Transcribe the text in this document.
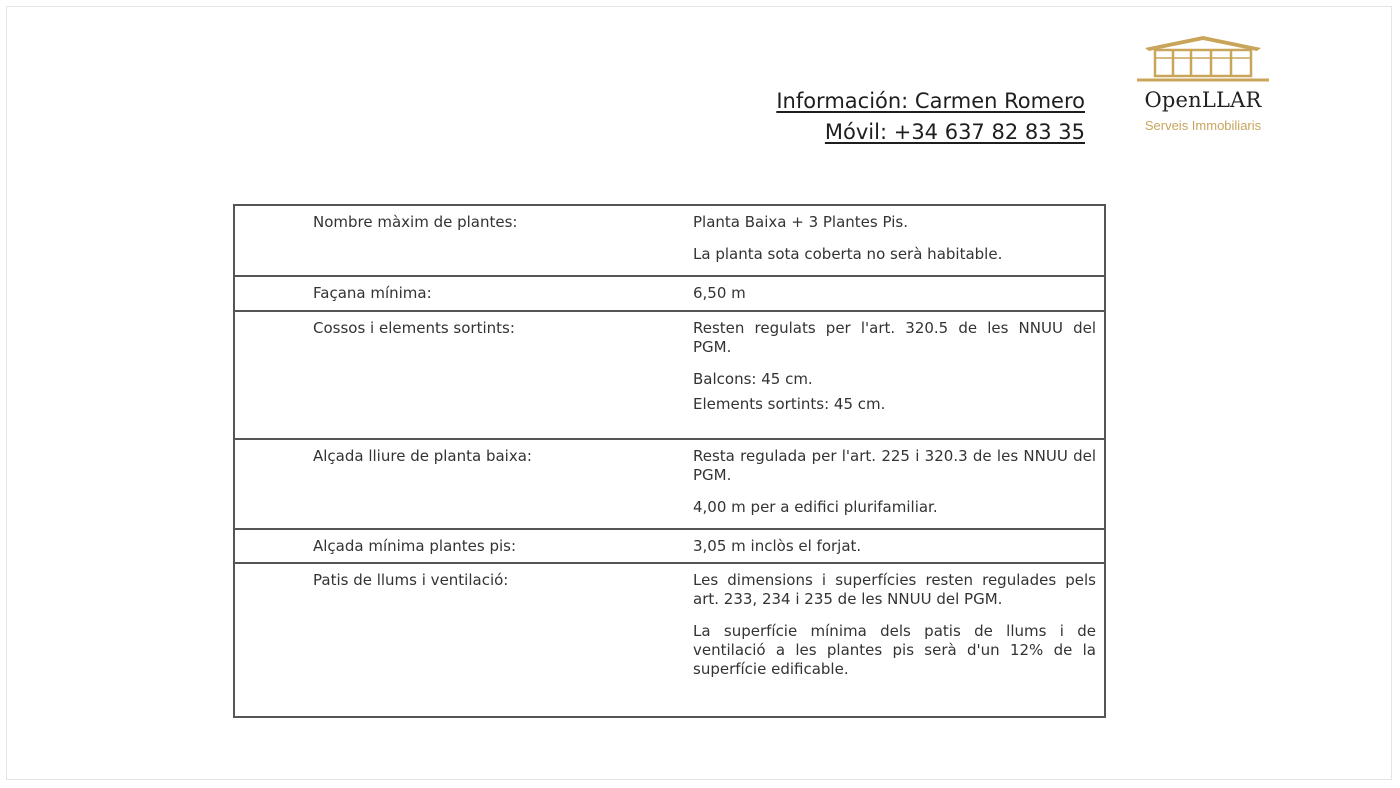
Información: Carmen Romero
Móvil: +34 637 82 83 35
OpenLLAR
Serveis Immobiliaris
Nombre màxim de plantes:	Planta Baixa + 3 Plantes Pis.

La planta sota coberta no serà habitable.

Façana mínima:	6,50 m

Cossos i elements sortints:	Resten regulats per l'art. 320.5 de les NNUU del PGM.

Balcons: 45 cm.

Elements sortints: 45 cm.

Alçada lliure de planta baixa:	Resta regulada per l'art. 225 i 320.3 de les NNUU del PGM.

4,00 m per a edifici plurifamiliar.

Alçada mínima plantes pis:	3,05 m inclòs el forjat.

Patis de llums i ventilació:	Les dimensions i superfícies resten regulades pels art. 233, 234 i 235 de les NNUU del PGM.

La superfície mínima dels patis de llums i de ventilació a les plantes pis serà d'un 12% de la superfície edificable.
